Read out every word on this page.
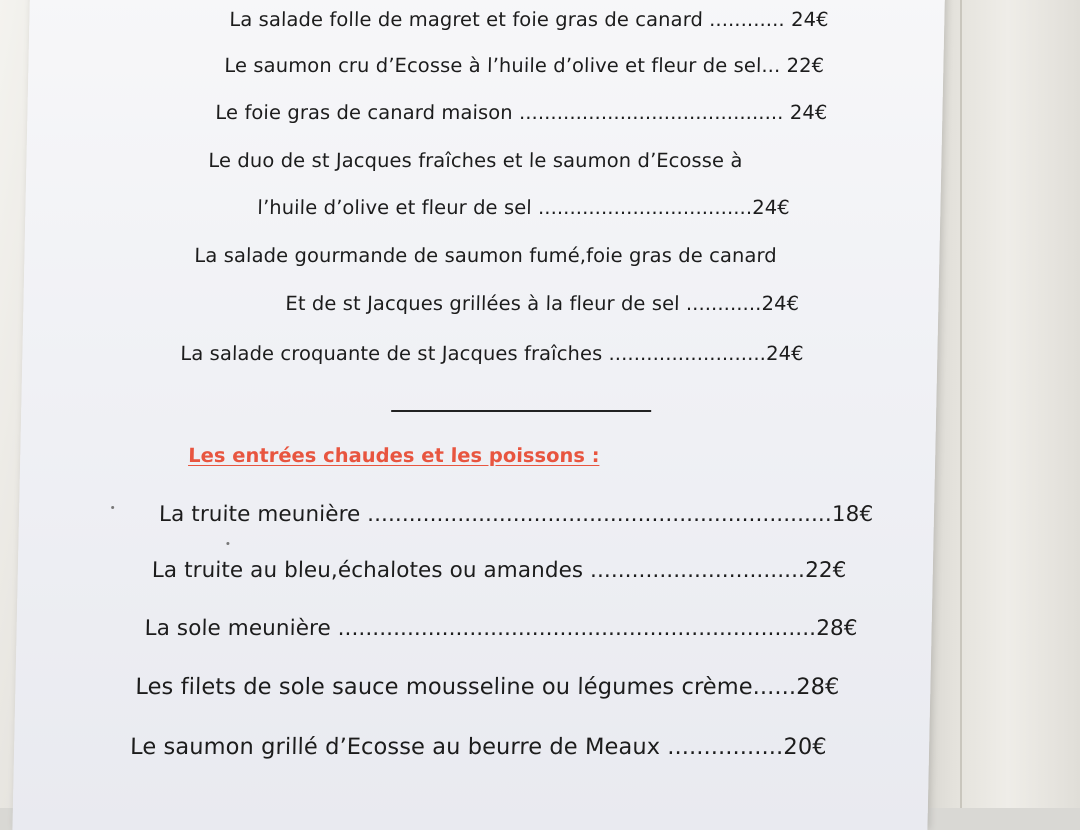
La salade folle de magret et foie gras de canard ............ 24€
Le saumon cru d’Ecosse à l’huile d’olive et fleur de sel... 22€
Le foie gras de canard maison .......................................... 24€
Le duo de st Jacques fraîches et le saumon d’Ecosse à
l’huile d’olive et fleur de sel ..................................24€
La salade gourmande de saumon fumé,foie gras de canard
Et de st Jacques grillées à la fleur de sel ............24€
La salade croquante de st Jacques fraîches .........................24€
Les entrées chaudes et les poissons :
La truite meunière ...................................................................18€
La truite au bleu,échalotes ou amandes ...............................22€
La sole meunière .....................................................................28€
Les filets de sole sauce mousseline ou légumes crème......28€
Le saumon grillé d’Ecosse au beurre de Meaux ................20€
